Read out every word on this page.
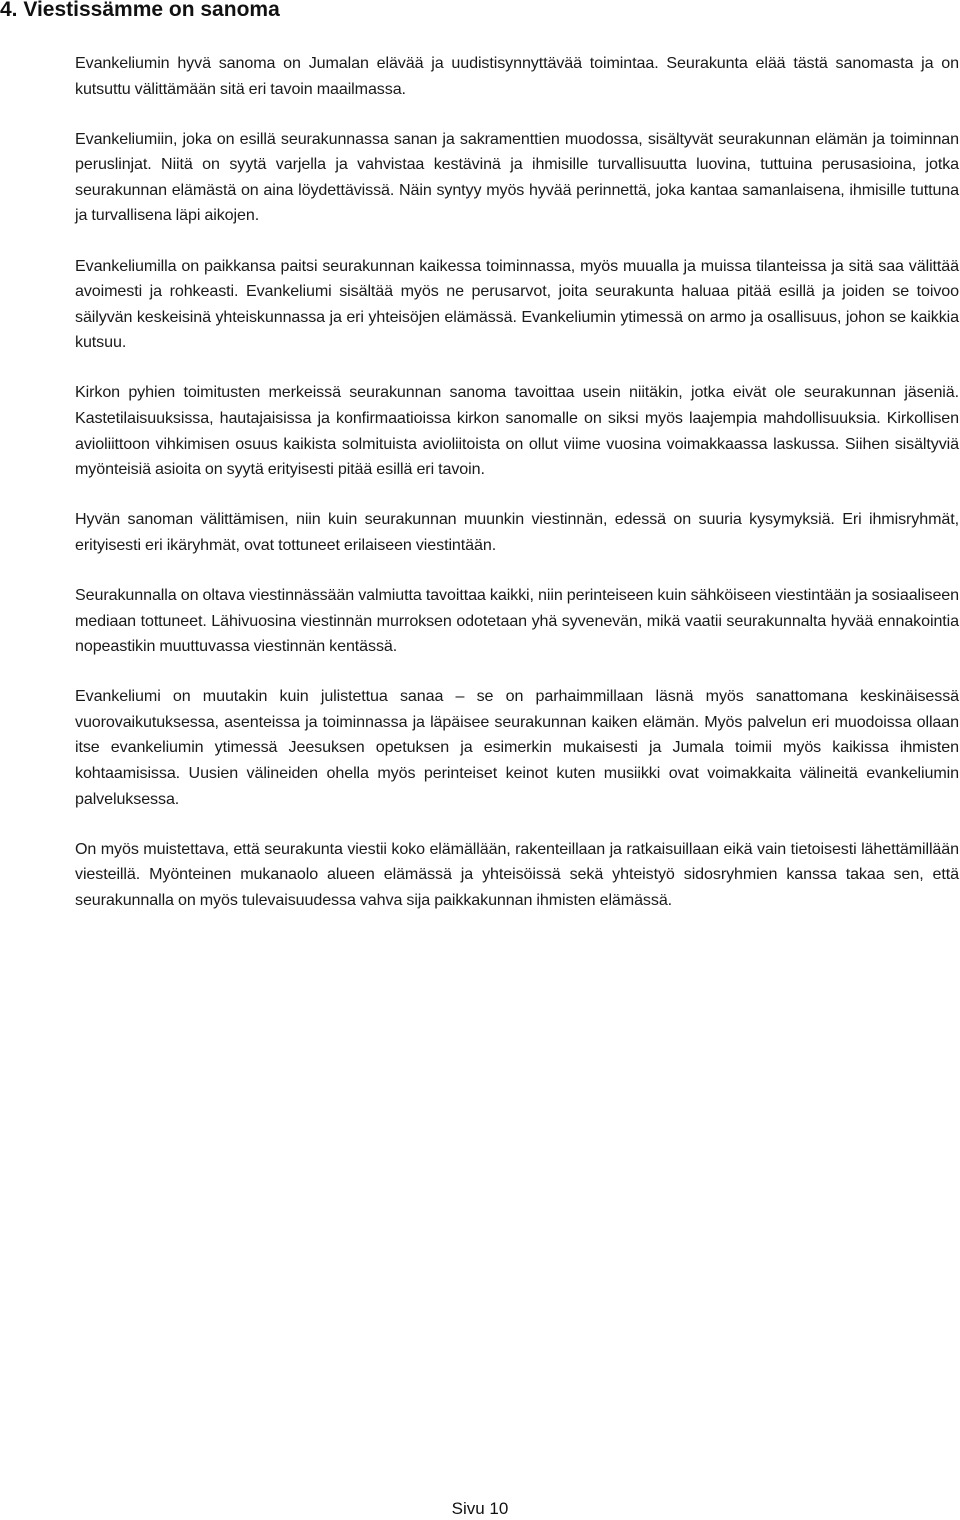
4. Viestissämme on sanoma

Evankeliumin hyvä sanoma on Jumalan elävää ja uudistisynnyttävää toimintaa. Seurakunta elää tästä sanomasta ja on kutsuttu välittämään sitä eri tavoin maailmassa.

Evankeliumiin, joka on esillä seurakunnassa sanan ja sakramenttien muodossa, sisältyvät seurakunnan elämän ja toiminnan peruslinjat. Niitä on syytä varjella ja vahvistaa kestävinä ja ihmisille turvallisuutta luovina, tuttuina perusasioina, jotka seurakunnan elämästä on aina löydettävissä. Näin syntyy myös hyvää perinnettä, joka kantaa samanlaisena, ihmisille tuttuna ja turvallisena läpi aikojen.

Evankeliumilla on paikkansa paitsi seurakunnan kaikessa toiminnassa, myös muualla ja muissa tilanteissa ja sitä saa välittää avoimesti ja rohkeasti. Evankeliumi sisältää myös ne perusarvot, joita seurakunta haluaa pitää esillä ja joiden se toivoo säilyvän keskeisinä yhteiskunnassa ja eri yhteisöjen elämässä. Evankeliumin ytimessä on armo ja osallisuus, johon se kaikkia kutsuu.

Kirkon pyhien toimitusten merkeissä seurakunnan sanoma tavoittaa usein niitäkin, jotka eivät ole seurakunnan jäseniä. Kastetilaisuuksissa, hautajaisissa ja konfirmaatioissa kirkon sanomalle on siksi myös laajempia mahdollisuuksia. Kirkollisen avioliittoon vihkimisen osuus kaikista solmituista avioliitoista on ollut viime vuosina voimakkaassa laskussa. Siihen sisältyviä myönteisiä asioita on syytä erityisesti pitää esillä eri tavoin.

Hyvän sanoman välittämisen, niin kuin seurakunnan muunkin viestinnän, edessä on suuria kysymyksiä. Eri ihmisryhmät, erityisesti eri ikäryhmät, ovat tottuneet erilaiseen viestintään.

Seurakunnalla on oltava viestinnässään valmiutta tavoittaa kaikki, niin perinteiseen kuin sähköiseen viestintään ja sosiaaliseen mediaan tottuneet. Lähivuosina viestinnän murroksen odotetaan yhä syvenevän, mikä vaatii seurakunnalta hyvää ennakointia nopeastikin muuttuvassa viestinnän kentässä.

Evankeliumi on muutakin kuin julistettua sanaa – se on parhaimmillaan läsnä myös sanattomana keskinäisessä vuorovaikutuksessa, asenteissa ja toiminnassa ja läpäisee seurakunnan kaiken elämän. Myös palvelun eri muodoissa ollaan itse evankeliumin ytimessä Jeesuksen opetuksen ja esimerkin mukaisesti ja Jumala toimii myös kaikissa ihmisten kohtaamisissa. Uusien välineiden ohella myös perinteiset keinot kuten musiikki ovat voimakkaita välineitä evankeliumin palveluksessa.

On myös muistettava, että seurakunta viestii koko elämällään, rakenteillaan ja ratkaisuillaan eikä vain tietoisesti lähettämillään viesteillä. Myönteinen mukanaolo alueen elämässä ja yhteisöissä sekä yhteistyö sidosryhmien kanssa takaa sen, että seurakunnalla on myös tulevaisuudessa vahva sija paikkakunnan ihmisten elämässä.

Sivu 10
